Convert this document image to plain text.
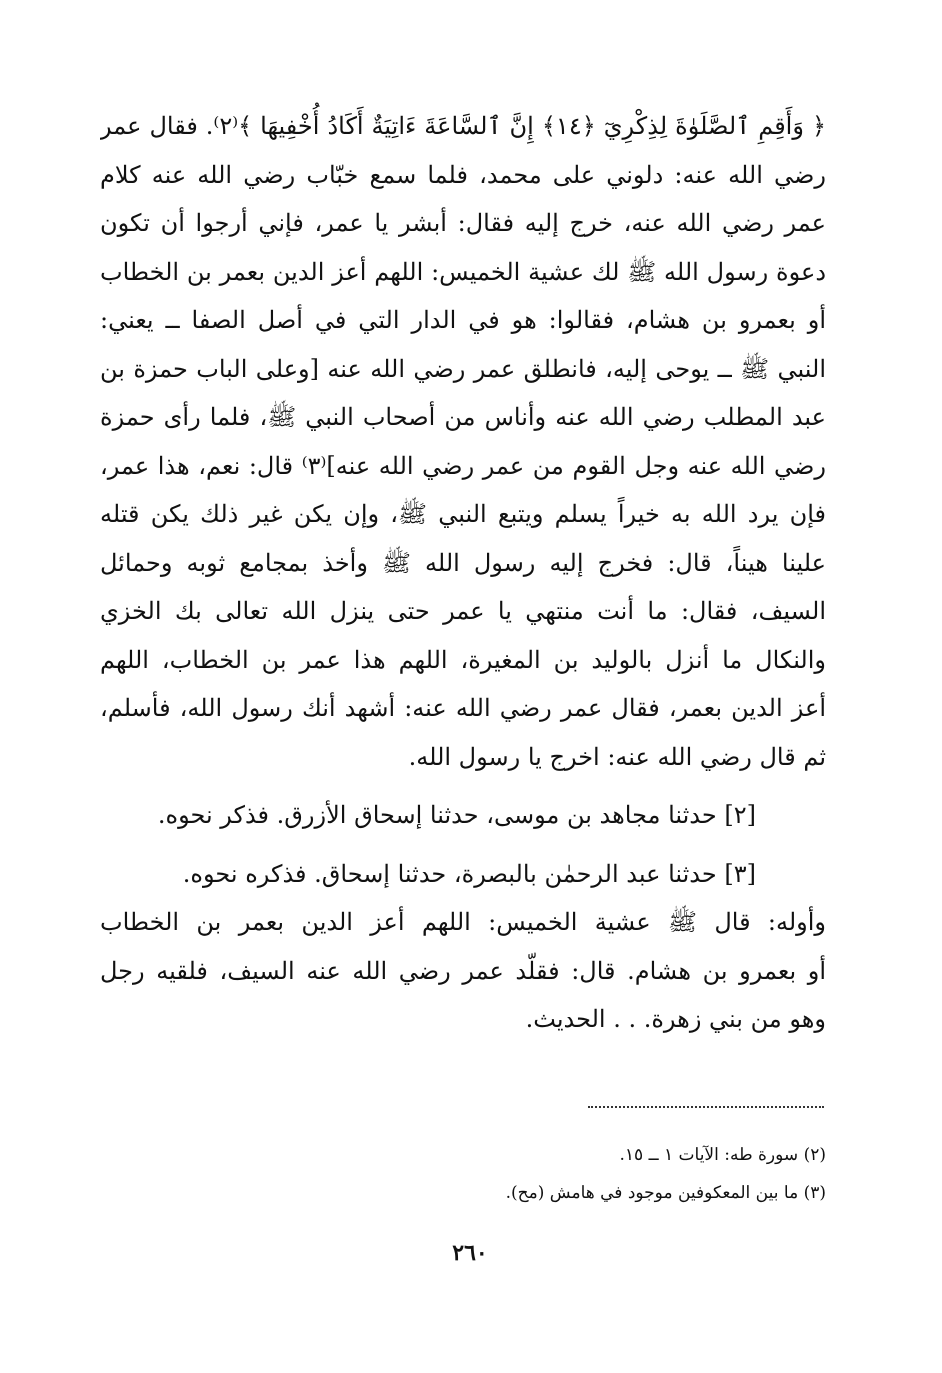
﴿ وَأَقِمِ ٱلصَّلَوٰةَ لِذِكْرِيٓ ﴿١٤﴾ إِنَّ ٱلسَّاعَةَ ءَاتِيَةٌ أَكَادُ أُخْفِيهَا ﴾⁽٢⁾. فقال عمر
رضي الله عنه: دلوني على محمد، فلما سمع خبّاب رضي الله عنه كلام
عمر رضي الله عنه، خرج إليه فقال: أبشر يا عمر، فإني أرجوا أن تكون
دعوة رسول الله ﷺ لك عشية الخميس: اللهم أعز الدين بعمر بن الخطاب
أو بعمرو بن هشام، فقالوا: هو في الدار التي في أصل الصفا ــ يعني:
النبي ﷺ ــ يوحى إليه، فانطلق عمر رضي الله عنه [وعلى الباب حمزة بن
عبد المطلب رضي الله عنه وأناس من أصحاب النبي ﷺ، فلما رأى حمزة
رضي الله عنه وجل القوم من عمر رضي الله عنه]⁽٣⁾ قال: نعم، هذا عمر،
فإن يرد الله به خيراً يسلم ويتبع النبي ﷺ، وإن يكن غير ذلك يكن قتله
علينا هيناً، قال: فخرج إليه رسول الله ﷺ وأخذ بمجامع ثوبه وحمائل
السيف، فقال: ما أنت منتهي يا عمر حتى ينزل الله تعالى بك الخزي
والنكال ما أنزل بالوليد بن المغيرة، اللهم هذا عمر بن الخطاب، اللهم
أعز الدين بعمر، فقال عمر رضي الله عنه: أشهد أنك رسول الله، فأسلم،
ثم قال رضي الله عنه: اخرج يا رسول الله.
[٢] حدثنا مجاهد بن موسى، حدثنا إسحاق الأزرق. فذكر نحوه.
[٣] حدثنا عبد الرحمٰن بالبصرة، حدثنا إسحاق. فذكره نحوه.
وأوله: قال ﷺ عشية الخميس: اللهم أعز الدين بعمر بن الخطاب
أو بعمرو بن هشام. قال: فقلّد عمر رضي الله عنه السيف، فلقيه رجل
وهو من بني زهرة. . . الحديث.
(٢) سورة طه: الآيات ١ ــ ١٥.
(٣) ما بين المعكوفين موجود في هامش (مح).
٢٦٠
